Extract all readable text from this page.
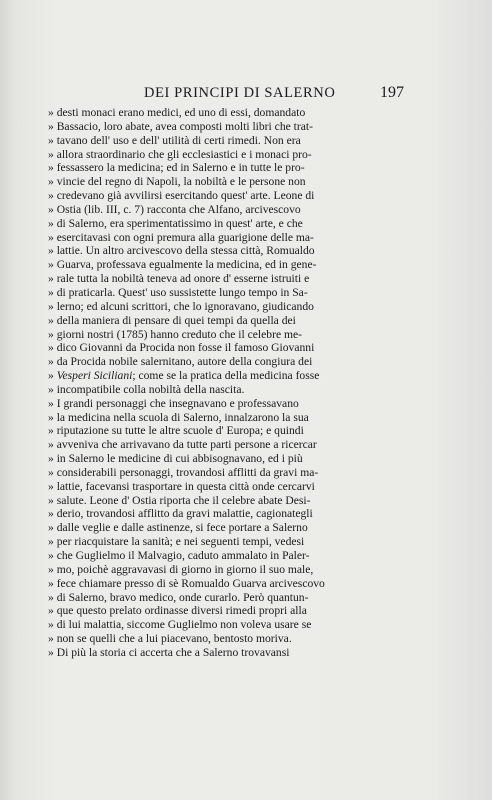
DEI PRINCIPI DI SALERNO	197
» desti monaci erano medici, ed uno di essi, domandato
» Bassacio, loro abate, avea composti molti libri che trat-
» tavano dell' uso e dell' utilità di certi rimedi. Non era
» allora straordinario che gli ecclesiastici e i monaci pro-
» fessassero la medicina; ed in Salerno e in tutte le pro-
» vincie del regno di Napoli, la nobiltà e le persone non
» credevano già avvilirsi esercitando quest' arte. Leone di
» Ostia (lib. III, c. 7) racconta che Alfano, arcivescovo
» di Salerno, era sperimentatissimo in quest' arte, e che
» esercitavasi con ogni premura alla guarigione delle ma-
» lattie. Un altro arcivescovo della stessa città, Romualdo
» Guarva, professava egualmente la medicina, ed in gene-
» rale tutta la nobiltà teneva ad onore d' esserne istruiti e
» di praticarla. Quest' uso sussistette lungo tempo in Sa-
» lerno; ed alcuni scrittori, che lo ignoravano, giudicando
» della maniera di pensare di quei tempi da quella dei
» giorni nostri (1785) hanno creduto che il celebre me-
» dico Giovanni da Procida non fosse il famoso Giovanni
» da Procida nobile salernitano, autore della congiura dei
» Vesperi Siciliani; come se la pratica della medicina fosse
» incompatibile colla nobiltà della nascita.
» I grandi personaggi che insegnavano e professavano
» la medicina nella scuola di Salerno, innalzarono la sua
» riputazione su tutte le altre scuole d' Europa; e quindi
» avveniva che arrivavano da tutte parti persone a ricercar
» in Salerno le medicine di cui abbisognavano, ed i più
» considerabili personaggi, trovandosi afflitti da gravi ma-
» lattie, facevansi trasportare in questa città onde cercarvi
» salute. Leone d' Ostia riporta che il celebre abate Desi-
» derio, trovandosi afflitto da gravi malattie, cagionategli
» dalle veglie e dalle astinenze, si fece portare a Salerno
» per riacquistare la sanità; e nei seguenti tempi, vedesi
» che Guglielmo il Malvagio, caduto ammalato in Paler-
» mo, poichè aggravavasi di giorno in giorno il suo male,
» fece chiamare presso di sè Romualdo Guarva arcivescovo
» di Salerno, bravo medico, onde curarlo. Però quantun-
» que questo prelato ordinasse diversi rimedi propri alla
» di lui malattia, siccome Guglielmo non voleva usare se
» non se quelli che a lui piacevano, bentosto moriva.
» Di più la storia ci accerta che a Salerno trovavansi
